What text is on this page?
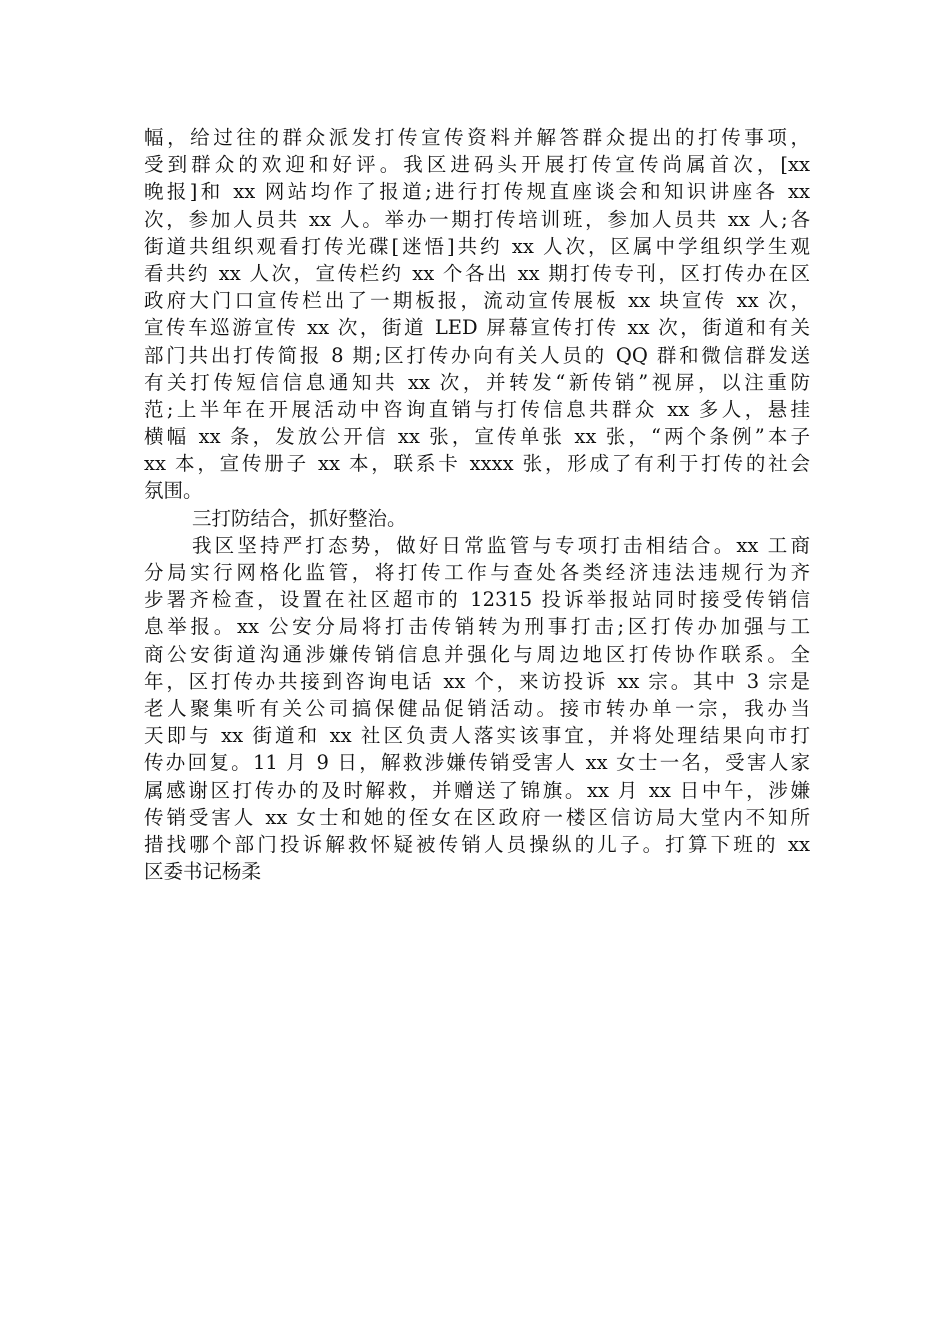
幅，给过往的群众派发打传宣传资料并解答群众提出的打传事项，
受到群众的欢迎和好评。我区进码头开展打传宣传尚属首次，[xx
晚报]和 xx 网站均作了报道;进行打传规直座谈会和知识讲座各 xx
次，参加人员共 xx 人。举办一期打传培训班，参加人员共 xx 人;各
街道共组织观看打传光碟[迷悟]共约 xx 人次，区属中学组织学生观
看共约 xx 人次，宣传栏约 xx 个各出 xx 期打传专刊，区打传办在区
政府大门口宣传栏出了一期板报，流动宣传展板 xx 块宣传 xx 次，
宣传车巡游宣传 xx 次，街道 LED 屏幕宣传打传 xx 次，街道和有关
部门共出打传简报 8 期;区打传办向有关人员的 QQ 群和微信群发送
有关打传短信信息通知共 xx 次，并转发“新传销”视屏，以注重防
范;上半年在开展活动中咨询直销与打传信息共群众 xx 多人，悬挂
横幅 xx 条，发放公开信 xx 张，宣传单张 xx 张，“两个条例”本子
xx 本，宣传册子 xx 本，联系卡 xxxx 张，形成了有利于打传的社会
氛围。
三打防结合，抓好整治。
我区坚持严打态势，做好日常监管与专项打击相结合。xx 工商
分局实行网格化监管，将打传工作与查处各类经济违法违规行为齐
步署齐检查，设置在社区超市的 12315 投诉举报站同时接受传销信
息举报。xx 公安分局将打击传销转为刑事打击;区打传办加强与工
商公安街道沟通涉嫌传销信息并强化与周边地区打传协作联系。全
年，区打传办共接到咨询电话 xx 个，来访投诉 xx 宗。其中 3 宗是
老人聚集听有关公司搞保健品促销活动。接市转办单一宗，我办当
天即与 xx 街道和 xx 社区负责人落实该事宜，并将处理结果向市打
传办回复。11 月 9 日，解救涉嫌传销受害人 xx 女士一名，受害人家
属感谢区打传办的及时解救，并赠送了锦旗。xx 月 xx 日中午，涉嫌
传销受害人 xx 女士和她的侄女在区政府一楼区信访局大堂内不知所
措找哪个部门投诉解救怀疑被传销人员操纵的儿子。打算下班的 xx
区委书记杨柔
